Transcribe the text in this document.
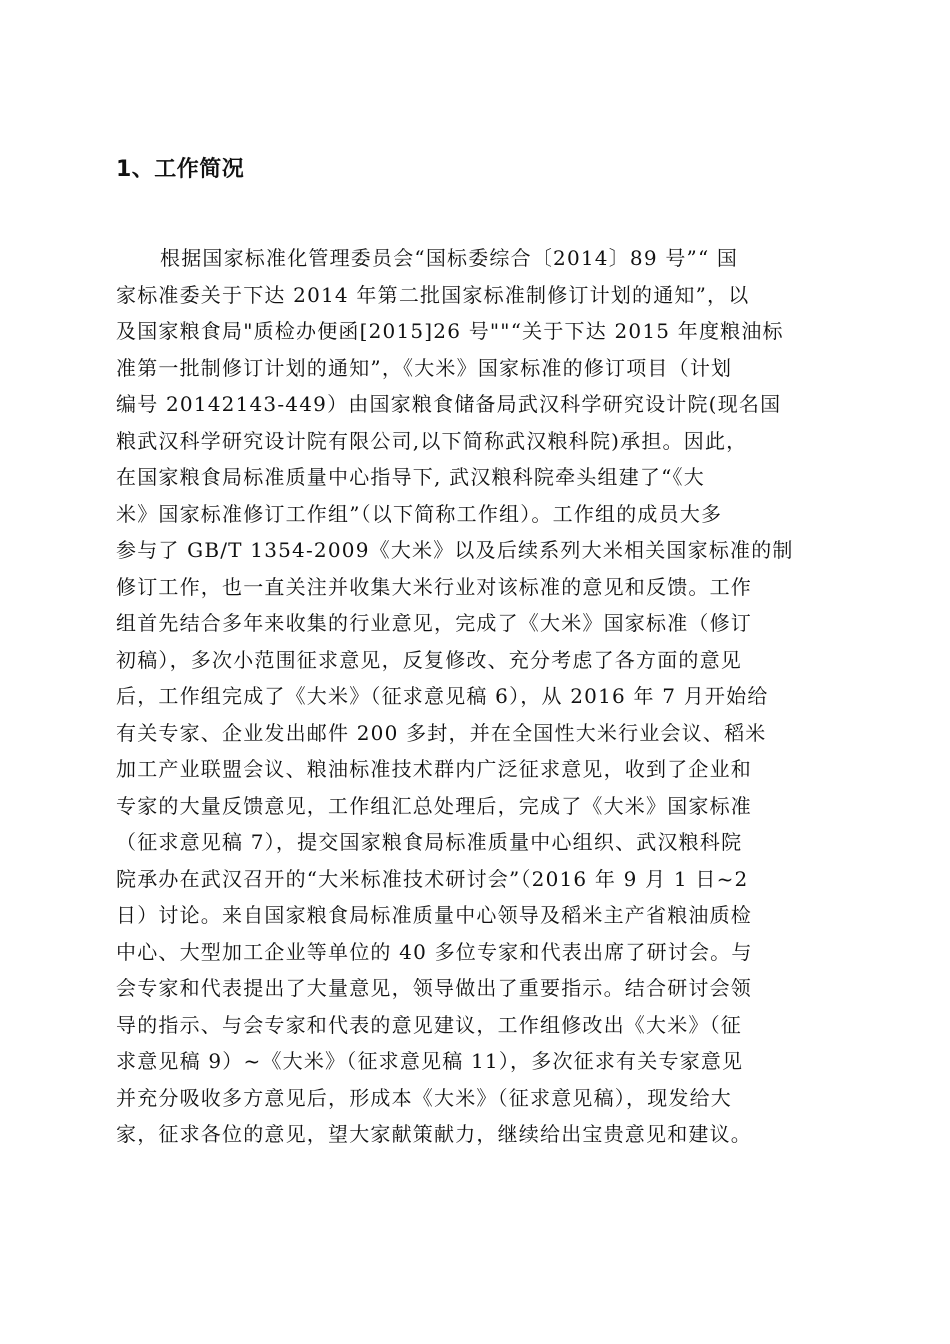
1、工作简况
根据国家标准化管理委员会“国标委综合〔2014〕89 号”“ 国
家标准委关于下达 2014 年第二批国家标准制修订计划的通知”，以
及国家粮食局"质检办便函[2015]26 号""“关于下达 2015 年度粮油标
准第一批制修订计划的通知”，《大米》国家标准的修订项目（计划
编号 20142143-449）由国家粮食储备局武汉科学研究设计院(现名国
粮武汉科学研究设计院有限公司,以下简称武汉粮科院)承担。因此，
在国家粮食局标准质量中心指导下, 武汉粮科院牵头组建了“《大
米》国家标准修订工作组”（以下简称工作组）。工作组的成员大多
参与了 GB/T 1354-2009《大米》以及后续系列大米相关国家标准的制
修订工作，也一直关注并收集大米行业对该标准的意见和反馈。工作
组首先结合多年来收集的行业意见，完成了《大米》国家标准（修订
初稿），多次小范围征求意见，反复修改、充分考虑了各方面的意见
后，工作组完成了《大米》（征求意见稿 6），从 2016 年 7 月开始给
有关专家、企业发出邮件 200 多封，并在全国性大米行业会议、稻米
加工产业联盟会议、粮油标准技术群内广泛征求意见，收到了企业和
专家的大量反馈意见，工作组汇总处理后，完成了《大米》国家标准
（征求意见稿 7），提交国家粮食局标准质量中心组织、武汉粮科院
院承办在武汉召开的“大米标准技术研讨会”（2016 年 9 月 1 日~2
日）讨论。来自国家粮食局标准质量中心领导及稻米主产省粮油质检
中心、大型加工企业等单位的 40 多位专家和代表出席了研讨会。与
会专家和代表提出了大量意见，领导做出了重要指示。结合研讨会领
导的指示、与会专家和代表的意见建议，工作组修改出《大米》（征
求意见稿 9）~《大米》（征求意见稿 11），多次征求有关专家意见
并充分吸收多方意见后，形成本《大米》（征求意见稿），现发给大
家，征求各位的意见，望大家献策献力，继续给出宝贵意见和建议。
